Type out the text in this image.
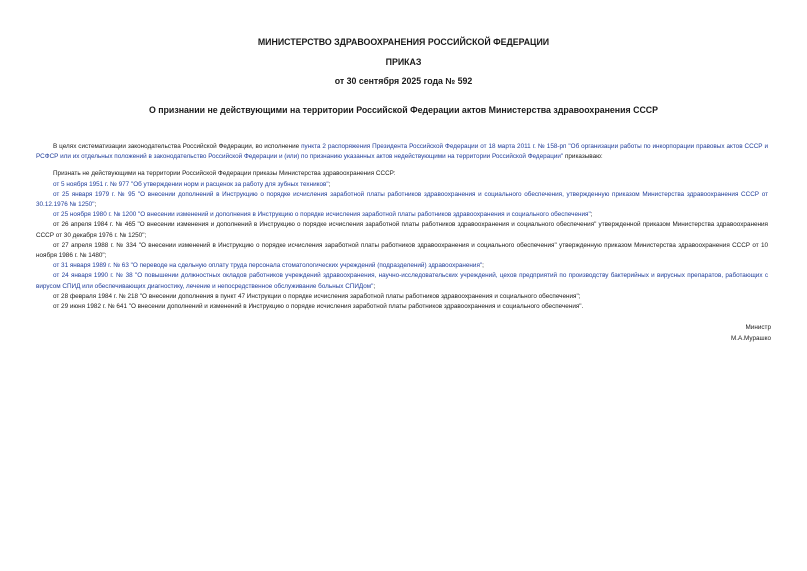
МИНИСТЕРСТВО ЗДРАВООХРАНЕНИЯ РОССИЙСКОЙ ФЕДЕРАЦИИ
ПРИКАЗ
от 30 сентября 2025 года № 592
О признании не действующими на территории Российской Федерации актов Министерства здравоохранения СССР

В целях систематизации законодательства Российской Федерации, во исполнение пункта 2 распоряжения Президента Российской Федерации от 18 марта 2011 г. № 158-рп "Об организации работы по инкорпорации правовых актов СССР и РСФСР или их отдельных положений в законодательство Российской Федерации и (или) по признанию указанных актов недействующими на территории Российской Федерации" приказываю:

Признать не действующими на территории Российской Федерации приказы Министерства здравоохранения СССР:

от 5 ноября 1951 г. № 977 "Об утверждении норм и расценок за работу для зубных техников";

от 25 января 1979 г. № 95 "О внесении дополнений в Инструкцию о порядке исчисления заработной платы работников здравоохранения и социального обеспечения, утвержденную приказом Министерства здравоохранения СССР от 30.12.1976 № 1250";

от 25 ноября 1980 г. № 1200 "О внесении изменений и дополнения в Инструкцию о порядке исчисления заработной платы работников здравоохранения и социального обеспечения";

от 26 апреля 1984 г. № 465 "О внесении изменения и дополнений в Инструкцию о порядке исчисления заработной платы работников здравоохранения и социального обеспечения" утвержденной приказом Министерства здравоохранения СССР от 30 декабря 1976 г. № 1250";

от 27 апреля 1988 г. № 334 "О внесении изменений в Инструкцию о порядке исчисления заработной платы работников здравоохранения и социального обеспечения" утвержденную приказом Министерства здравоохранения СССР от 10 ноября 1986 г. № 1480";

от 31 января 1989 г. № 63 "О переводе на сдельную оплату труда персонала стоматологических учреждений (подразделений) здравоохранения";

от 24 января 1990 г. № 38 "О повышении должностных окладов работников учреждений здравоохранения, научно-исследовательских учреждений, цехов предприятий по производству бактерийных и вирусных препаратов, работающих с вирусом СПИД или обеспечивающих диагностику, лечение и непосредственное обслуживание больных СПИДом";

от 28 февраля 1984 г. № 218 "О внесении дополнения в пункт 47 Инструкции о порядке исчисления заработной платы работников здравоохранения и социального обеспечения";

от 29 июня 1982 г. № 641 "О внесении дополнений и изменений в Инструкцию о порядке исчисления заработной платы работников здравоохранения и социального обеспечения".

Министр
М.А.Мурашко
